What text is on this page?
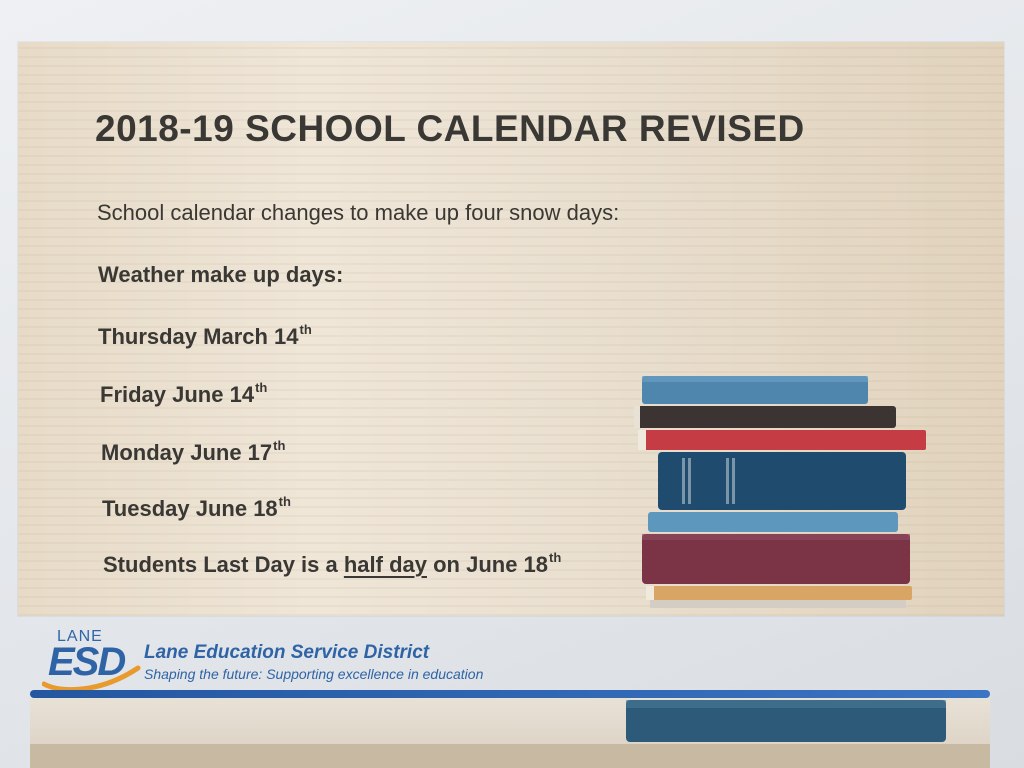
2018-19 SCHOOL CALENDAR REVISED

School calendar changes to make up four snow days:

Weather make up days:

Thursday March 14th

Friday June 14th

Monday June 17th

Tuesday June 18th

Students Last Day is a half day on June 18th

LANE
ESD Lane Education Service District
Shaping the future: Supporting excellence in education
